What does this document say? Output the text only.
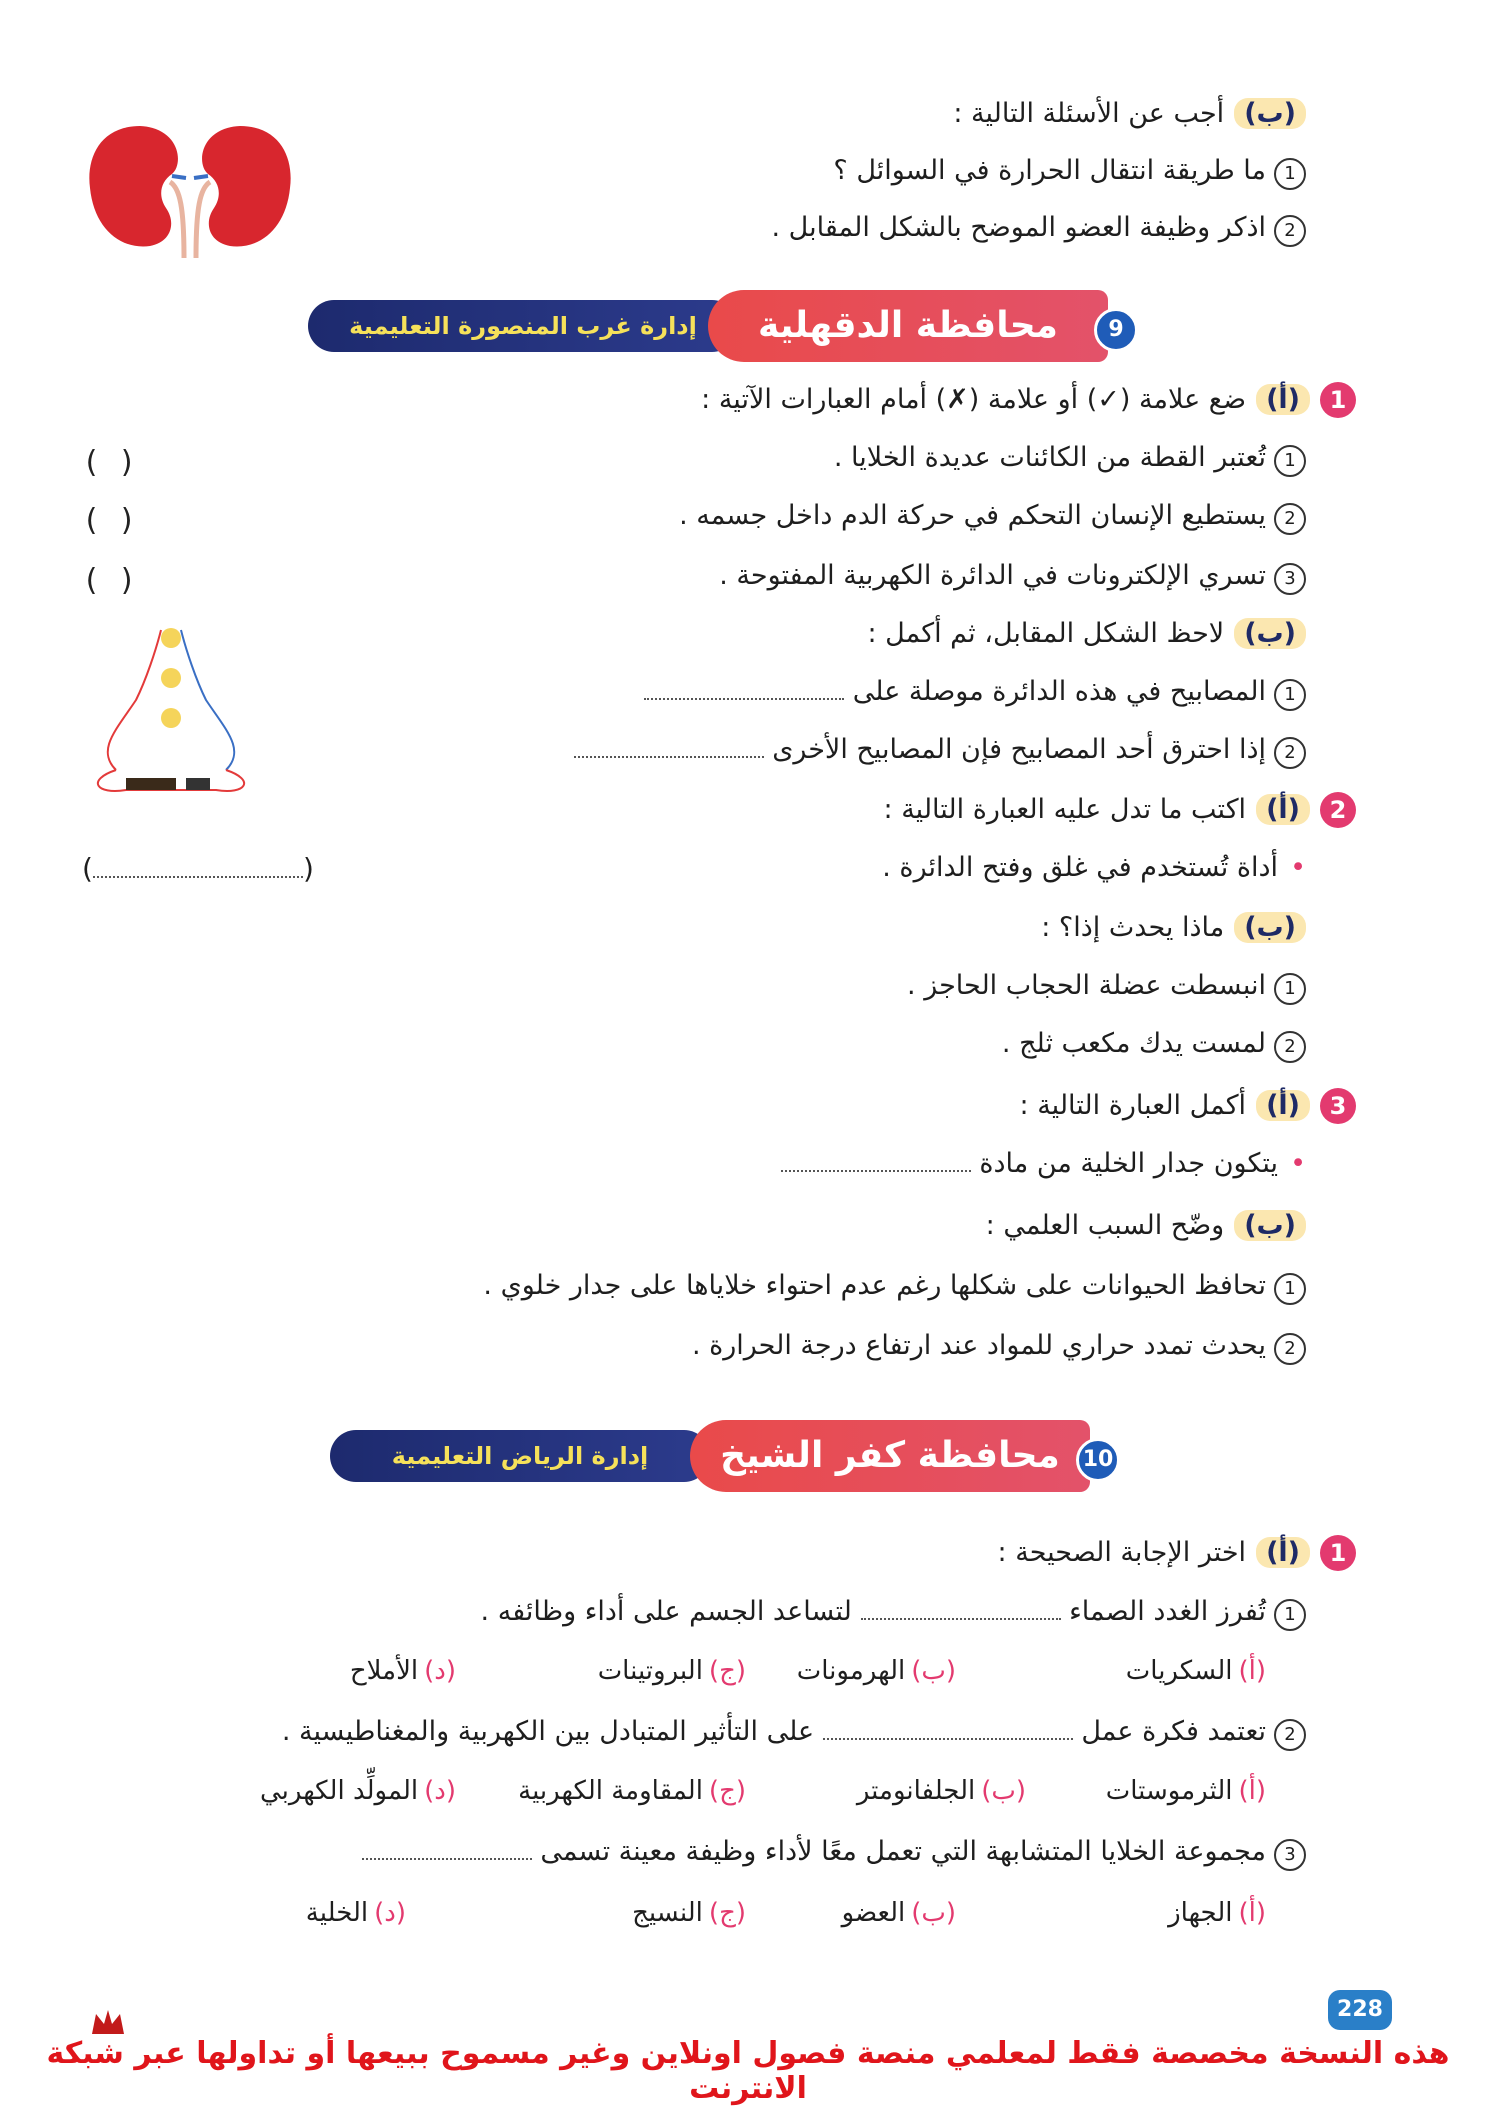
(ب)أجب عن الأسئلة التالية :
1ما طريقة انتقال الحرارة في السوائل ؟
2اذكر وظيفة العضو الموضح بالشكل المقابل .
إدارة غرب المنصورة التعليمية	محافظة الدقهلية	9
1(أ)ضع علامة (✓) أو علامة (✗) أمام العبارات الآتية :
1تُعتبر القطة من الكائنات عديدة الخلايا .
( )
2يستطيع الإنسان التحكم في حركة الدم داخل جسمه .
( )
3تسري الإلكترونات في الدائرة الكهربية المفتوحة .
( )
(ب)لاحظ الشكل المقابل، ثم أكمل :
1المصابيح في هذه الدائرة موصلة على
2إذا احترق أحد المصابيح فإن المصابيح الأخرى
2(أ)اكتب ما تدل عليه العبارة التالية :
•أداة تُستخدم في غلق وفتح الدائرة .
(	)
(ب)ماذا يحدث إذا؟ :
1انبسطت عضلة الحجاب الحاجز .
2لمست يدك مكعب ثلج .
3(أ)أكمل العبارة التالية :
•يتكون جدار الخلية من مادة
(ب)وضّح السبب العلمي :
1تحافظ الحيوانات على شكلها رغم عدم احتواء خلاياها على جدار خلوي .
2يحدث تمدد حراري للمواد عند ارتفاع درجة الحرارة .
إدارة الرياض التعليمية	محافظة كفر الشيخ	10
1(أ)اختر الإجابة الصحيحة :
1تُفرز الغدد الصماء  لتساعد الجسم على أداء وظائفه .
(أ)السكريات
(ب)الهرمونات
(ج)البروتينات
(د)الأملاح
2تعتمد فكرة عمل  على التأثير المتبادل بين الكهربية والمغناطيسية .
(أ)الثرموستات
(ب)الجلفانومتر
(ج)المقاومة الكهربية
(د)المولِّد الكهربي
3مجموعة الخلايا المتشابهة التي تعمل معًا لأداء وظيفة معينة تسمى
(أ)الجهاز
(ب)العضو
(ج)النسيج
(د)الخلية
228
هذه النسخة مخصصة فقط لمعلمي منصة فصول اونلاين وغير مسموح ببيعها أو تداولها عبر شبكة الانترنت
